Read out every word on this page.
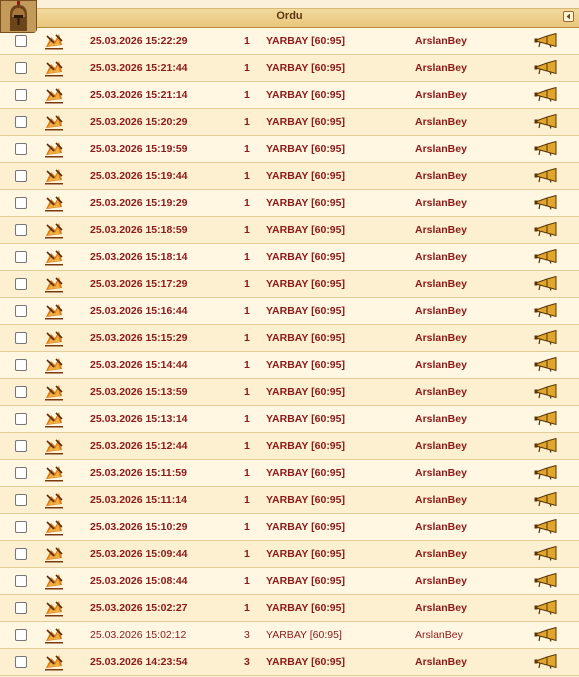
Ordu
25.03.2026 15:22:29	1 YARBAY [60:95]	ArslanBey
25.03.2026 15:21:44	1 YARBAY [60:95]	ArslanBey
25.03.2026 15:21:14	1 YARBAY [60:95]	ArslanBey
25.03.2026 15:20:29	1 YARBAY [60:95]	ArslanBey
25.03.2026 15:19:59	1 YARBAY [60:95]	ArslanBey
25.03.2026 15:19:44	1 YARBAY [60:95]	ArslanBey
25.03.2026 15:19:29	1 YARBAY [60:95]	ArslanBey
25.03.2026 15:18:59	1 YARBAY [60:95]	ArslanBey
25.03.2026 15:18:14	1 YARBAY [60:95]	ArslanBey
25.03.2026 15:17:29	1 YARBAY [60:95]	ArslanBey
25.03.2026 15:16:44	1 YARBAY [60:95]	ArslanBey
25.03.2026 15:15:29	1 YARBAY [60:95]	ArslanBey
25.03.2026 15:14:44	1 YARBAY [60:95]	ArslanBey
25.03.2026 15:13:59	1 YARBAY [60:95]	ArslanBey
25.03.2026 15:13:14	1 YARBAY [60:95]	ArslanBey
25.03.2026 15:12:44	1 YARBAY [60:95]	ArslanBey
25.03.2026 15:11:59	1 YARBAY [60:95]	ArslanBey
25.03.2026 15:11:14	1 YARBAY [60:95]	ArslanBey
25.03.2026 15:10:29	1 YARBAY [60:95]	ArslanBey
25.03.2026 15:09:44	1 YARBAY [60:95]	ArslanBey
25.03.2026 15:08:44	1 YARBAY [60:95]	ArslanBey
25.03.2026 15:02:27	1 YARBAY [60:95]	ArslanBey
25.03.2026 15:02:12	3 YARBAY [60:95]	ArslanBey
25.03.2026 14:23:54	3 YARBAY [60:95]	ArslanBey
